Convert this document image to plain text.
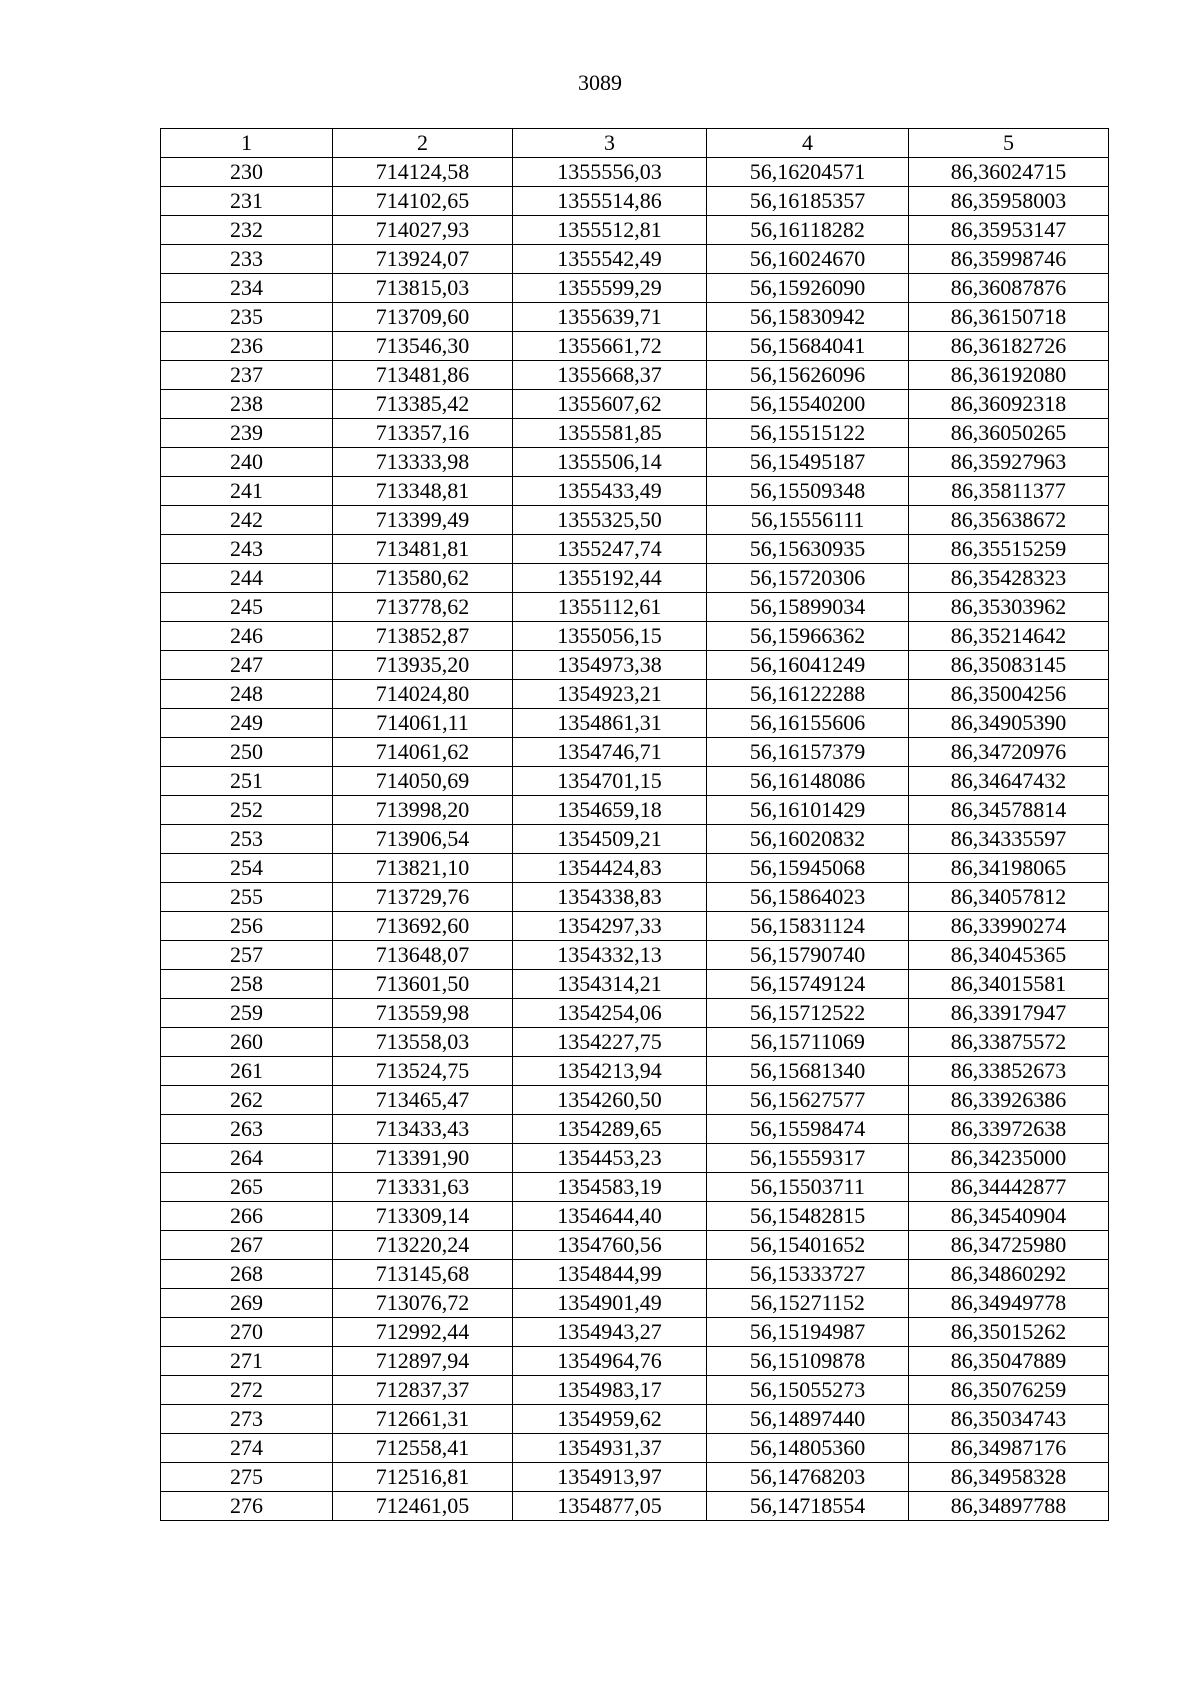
3089
1	2	3	4	5
230	714124,58	1355556,03	56,16204571	86,36024715
231	714102,65	1355514,86	56,16185357	86,35958003
232	714027,93	1355512,81	56,16118282	86,35953147
233	713924,07	1355542,49	56,16024670	86,35998746
234	713815,03	1355599,29	56,15926090	86,36087876
235	713709,60	1355639,71	56,15830942	86,36150718
236	713546,30	1355661,72	56,15684041	86,36182726
237	713481,86	1355668,37	56,15626096	86,36192080
238	713385,42	1355607,62	56,15540200	86,36092318
239	713357,16	1355581,85	56,15515122	86,36050265
240	713333,98	1355506,14	56,15495187	86,35927963
241	713348,81	1355433,49	56,15509348	86,35811377
242	713399,49	1355325,50	56,15556111	86,35638672
243	713481,81	1355247,74	56,15630935	86,35515259
244	713580,62	1355192,44	56,15720306	86,35428323
245	713778,62	1355112,61	56,15899034	86,35303962
246	713852,87	1355056,15	56,15966362	86,35214642
247	713935,20	1354973,38	56,16041249	86,35083145
248	714024,80	1354923,21	56,16122288	86,35004256
249	714061,11	1354861,31	56,16155606	86,34905390
250	714061,62	1354746,71	56,16157379	86,34720976
251	714050,69	1354701,15	56,16148086	86,34647432
252	713998,20	1354659,18	56,16101429	86,34578814
253	713906,54	1354509,21	56,16020832	86,34335597
254	713821,10	1354424,83	56,15945068	86,34198065
255	713729,76	1354338,83	56,15864023	86,34057812
256	713692,60	1354297,33	56,15831124	86,33990274
257	713648,07	1354332,13	56,15790740	86,34045365
258	713601,50	1354314,21	56,15749124	86,34015581
259	713559,98	1354254,06	56,15712522	86,33917947
260	713558,03	1354227,75	56,15711069	86,33875572
261	713524,75	1354213,94	56,15681340	86,33852673
262	713465,47	1354260,50	56,15627577	86,33926386
263	713433,43	1354289,65	56,15598474	86,33972638
264	713391,90	1354453,23	56,15559317	86,34235000
265	713331,63	1354583,19	56,15503711	86,34442877
266	713309,14	1354644,40	56,15482815	86,34540904
267	713220,24	1354760,56	56,15401652	86,34725980
268	713145,68	1354844,99	56,15333727	86,34860292
269	713076,72	1354901,49	56,15271152	86,34949778
270	712992,44	1354943,27	56,15194987	86,35015262
271	712897,94	1354964,76	56,15109878	86,35047889
272	712837,37	1354983,17	56,15055273	86,35076259
273	712661,31	1354959,62	56,14897440	86,35034743
274	712558,41	1354931,37	56,14805360	86,34987176
275	712516,81	1354913,97	56,14768203	86,34958328
276	712461,05	1354877,05	56,14718554	86,34897788
